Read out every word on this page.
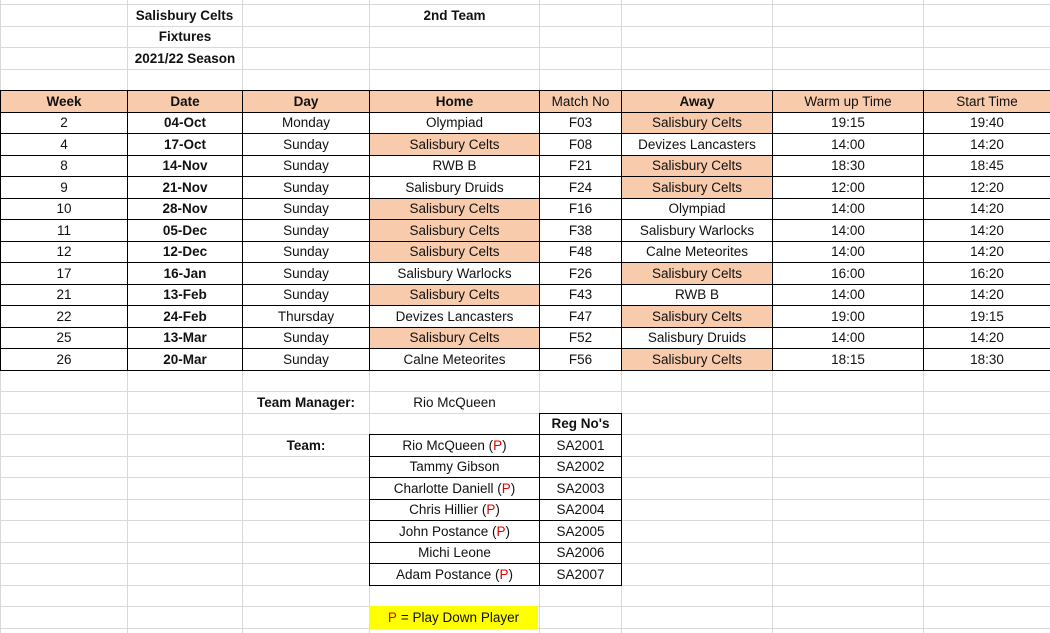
Salisbury Celts
Fixtures
2021/22 Season
2nd Team
Week	Date	Day	Home	Match No	Away	Warm up Time	Start Time
2	04-Oct	Monday	Olympiad	F03	Salisbury Celts	19:15	19:40
4	17-Oct	Sunday	Salisbury Celts	F08	Devizes Lancasters	14:00	14:20
8	14-Nov	Sunday	RWB B	F21	Salisbury Celts	18:30	18:45
9	21-Nov	Sunday	Salisbury Druids	F24	Salisbury Celts	12:00	12:20
10	28-Nov	Sunday	Salisbury Celts	F16	Olympiad	14:00	14:20
11	05-Dec	Sunday	Salisbury Celts	F38	Salisbury Warlocks	14:00	14:20
12	12-Dec	Sunday	Salisbury Celts	F48	Calne Meteorites	14:00	14:20
17	16-Jan	Sunday	Salisbury Warlocks	F26	Salisbury Celts	16:00	16:20
21	13-Feb	Sunday	Salisbury Celts	F43	RWB B	14:00	14:20
22	24-Feb	Thursday	Devizes Lancasters	F47	Salisbury Celts	19:00	19:15
25	13-Mar	Sunday	Salisbury Celts	F52	Salisbury Druids	14:00	14:20
26	20-Mar	Sunday	Calne Meteorites	F56	Salisbury Celts	18:15	18:30
Team Manager:	Rio McQueen
Reg No's
Team:	Rio McQueen ( P )	SA2001
Tammy Gibson	SA2002
Charlotte Daniell ( P )	SA2003
Chris Hillier ( P )	SA2004
John Postance ( P )	SA2005
Michi Leone	SA2006
Adam Postance ( P )	SA2007
P = Play Down Player
